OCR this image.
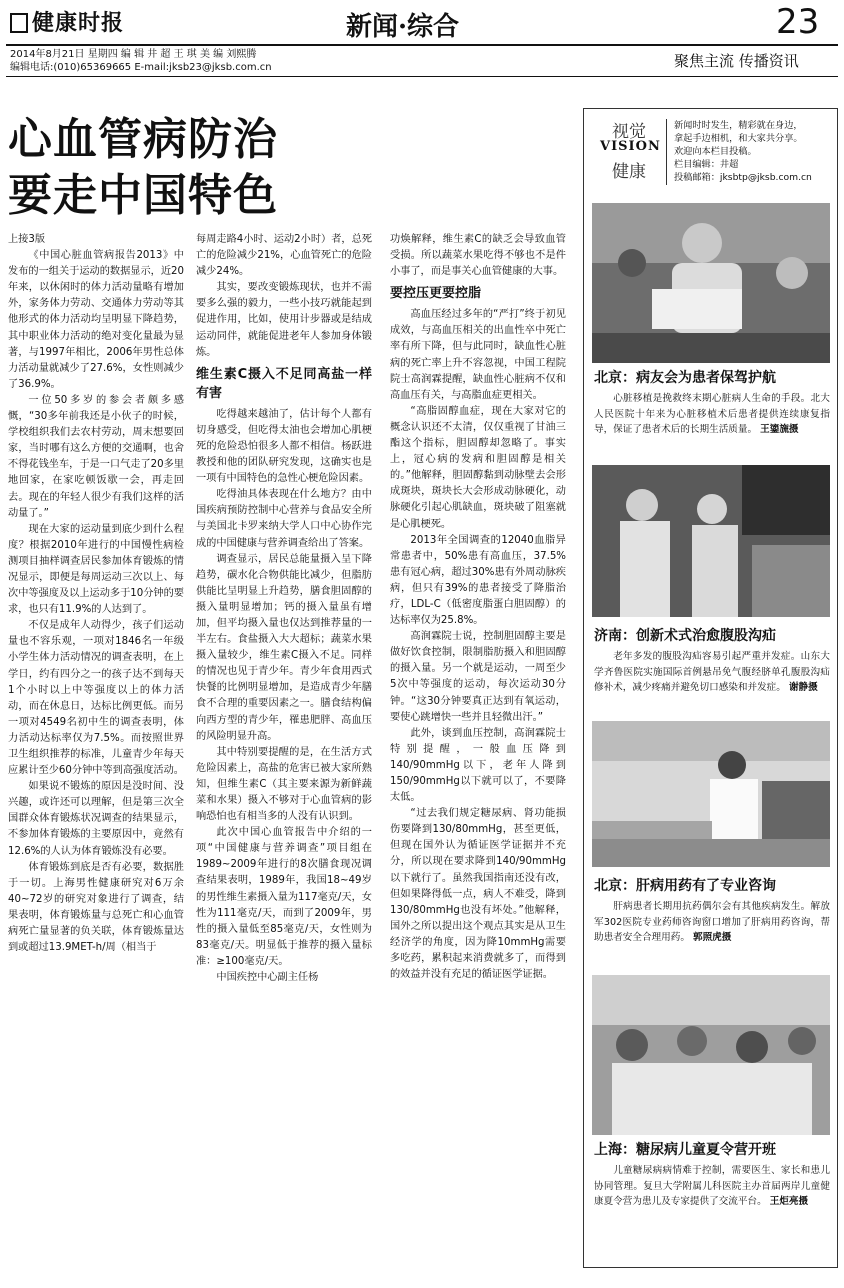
健康时报	新闻·综合	23
2014年8月21日 星期四 编 辑 井 超 王 琪 美 编 刘熙腾
编辑电话:(010)65369665 E-mail:jksb23@jksb.com.cn	聚焦主流 传播资讯
心血管病防治
要走中国特色

上接3版

《中国心脏血管病报告2013》中发布的一组关于运动的数据显示，近20年来，以休闲时的体力活动量略有增加外，家务体力劳动、交通体力劳动等其他形式的体力活动均呈明显下降趋势，其中职业体力活动的绝对变化量最为显著，与1997年相比，2006年男性总体力活动量就减少了27.6%，女性则减少了36.9%。

一位50多岁的参会者颇多感慨，“30多年前我还是小伙子的时候，学校组织我们去农村劳动，周末想要回家，当时哪有这么方便的交通啊，也舍不得花钱坐车，于是一口气走了20多里地回家，在家吃顿饭歇一会，再走回去。现在的年轻人很少有我们这样的活动量了。”

现在大家的运动量到底少到什么程度？根据2010年进行的中国慢性病检测项目抽样调查居民参加体育锻炼的情况显示，即便是每周运动三次以上、每次中等强度及以上运动多于10分钟的要求，也只有11.9%的人达到了。

不仅是成年人动得少，孩子们运动量也不容乐观，一项对1846名一年级小学生体力活动情况的调查表明，在上学日，约有四分之一的孩子达不到每天1个小时以上中等强度以上的体力活动，而在休息日，达标比例更低。而另一项对4549名初中生的调查表明，体力活动达标率仅为7.5%。而按照世界卫生组织推荐的标准，儿童青少年每天应累计至少60分钟中等到高强度活动。

如果说不锻炼的原因是没时间、没兴趣，或许还可以理解，但是第三次全国群众体育锻炼状况调查的结果显示，不参加体育锻炼的主要原因中，竟然有12.6%的人认为体育锻炼没有必要。

体育锻炼到底是否有必要，数据胜于一切。上海男性健康研究对6万余40~72岁的研究对象进行了调查，结果表明，体育锻炼量与总死亡和心血管病死亡量显著的负关联，体育锻炼量达到或超过13.9MET-h/周（相当于

每周走路4小时、运动2小时）者，总死亡的危险减少21%，心血管死亡的危险减少24%。

其实，要改变锻炼现状，也并不需要多么强的毅力，一些小技巧就能起到促进作用，比如，使用计步器或是结成运动同伴，就能促进老年人参加身体锻炼。

维生素C摄入不足同高盐一样有害

吃得越来越油了，估计每个人都有切身感受，但吃得太油也会增加心肌梗死的危险恐怕很多人都不相信。杨跃进教授和他的团队研究发现，这确实也是一项有中国特色的急性心梗危险因素。

吃得油具体表现在什么地方？由中国疾病预防控制中心营养与食品安全所与美国北卡罗来纳大学人口中心协作完成的中国健康与营养调查给出了答案。

调查显示，居民总能量摄入呈下降趋势，碳水化合物供能比减少，但脂肪供能比呈明显上升趋势，膳食胆固醇的摄入量明显增加；钙的摄入量虽有增加，但平均摄入量也仅达到推荐量的一半左右。食盐摄入大大超标；蔬菜水果摄入量较少，维生素C摄入不足。同样的情况也见于青少年。青少年食用西式快餐的比例明显增加，是造成青少年膳食不合理的重要因素之一。膳食结构偏向西方型的青少年，罹患肥胖、高血压的风险明显升高。

其中特别要提醒的是，在生活方式危险因素上，高盐的危害已被大家所熟知，但维生素C（其主要来源为新鲜蔬菜和水果）摄入不够对于心血管病的影响恐怕也有相当多的人没有认识到。

此次中国心血管报告中介绍的一项“中国健康与营养调查”项目组在1989~2009年进行的8次膳食现况调查结果表明，1989年，我国18~49岁的男性维生素摄入量为117毫克/天，女性为111毫克/天，而到了2009年，男性的摄入量低至85毫克/天，女性则为83毫克/天。明显低于推荐的摄入量标准：≥100毫克/天。

中国疾控中心副主任杨

功焕解释，维生素C的缺乏会导致血管受损。所以蔬菜水果吃得不够也不是件小事了，而是事关心血管健康的大事。

要控压更要控脂

高血压经过多年的“严打”终于初见成效，与高血压相关的出血性卒中死亡率有所下降，但与此同时，缺血性心脏病的死亡率上升不容忽视，中国工程院院士高润霖提醒，缺血性心脏病不仅和高血压有关，与高脂血症更相关。

“高脂固醇血症，现在大家对它的概念认识还不太清，仅仅重视了甘油三酯这个指标，胆固醇却忽略了。事实上，冠心病的发病和胆固醇是相关的。”他解释，胆固醇黏到动脉壁去会形成斑块，斑块长大会形成动脉硬化，动脉硬化引起心肌缺血，斑块破了阻塞就是心肌梗死。

2013年全国调查的12040血脂异常患者中，50%患有高血压，37.5%患有冠心病，超过30%患有外周动脉疾病，但只有39%的患者接受了降脂治疗，LDL-C（低密度脂蛋白胆固醇）的达标率仅为25.8%。

高润霖院士说，控制胆固醇主要是做好饮食控制，限制脂肪摄入和胆固醇的摄入量。另一个就是运动，一周至少5次中等强度的运动，每次运动30分钟。“这30分钟要真正达到有氧运动，要使心跳增快一些并且轻微出汗。”

此外，谈到血压控制，高润霖院士特别提醒，一般血压降到140/90mmHg以下，老年人降到150/90mmHg以下就可以了，不要降太低。

“过去我们规定糖尿病、肾功能损伤要降到130/80mmHg，甚至更低，但现在国外认为循证医学证据并不充分，所以现在要求降到140/90mmHg以下就行了。虽然我国指南还没有改，但如果降得低一点，病人不难受，降到130/80mmHg也没有坏处。”他解释，国外之所以提出这个观点其实是从卫生经济学的角度，因为降10mmHg需要多吃药，累积起来消费就多了，而得到的效益并没有充足的循证医学证据。

视觉
VISION
健康
新闻时时发生，精彩就在身边，
拿起手边相机，和大家共分享。
欢迎向本栏目投稿。
栏目编辑：井超
投稿邮箱：jksbtp@jksb.com.cn
北京：病友会为患者保驾护航
心脏移植是挽救终末期心脏病人生命的手段。北大人民医院十年来为心脏移植术后患者提供连续康复指导，保证了患者术后的长期生活质量。 王鎏旒摄
济南：创新术式治愈腹股沟疝
老年多发的腹股沟疝容易引起严重并发症。山东大学齐鲁医院实施国际首例悬吊免气腹经脐单孔腹股沟疝修补术，减少疼痛并避免切口感染和并发症。 谢静摄
北京：肝病用药有了专业咨询
肝病患者长期用抗药偶尔会有其他疾病发生。解放军302医院专业药师咨询窗口增加了肝病用药咨询，帮助患者安全合理用药。 郭照虎摄
上海：糖尿病儿童夏令营开班
儿童糖尿病病情难于控制，需要医生、家长和患儿协同管理。复旦大学附属儿科医院主办首届两岸儿童健康夏令营为患儿及专家提供了交流平台。 王炬亮摄
